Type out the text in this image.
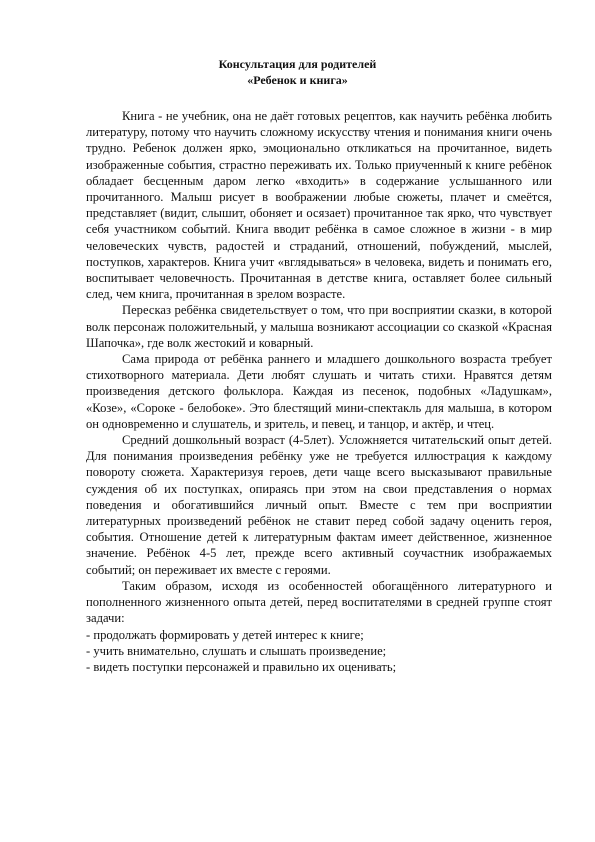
Консультация для родителей
«Ребенок и книга»

Книга - не учебник, она не даёт готовых рецептов, как научить ребёнка любить литературу, потому что научить сложному искусству чтения и понимания книги очень трудно. Ребенок должен ярко, эмоционально откликаться на прочитанное, видеть изображенные события, страстно переживать их. Только приученный к книге ребёнок обладает бесценным даром легко «входить» в содержание услышанного или прочитанного. Малыш рисует в воображении любые сюжеты, плачет и смеётся, представляет (видит, слышит, обоняет и осязает) прочитанное так ярко, что чувствует себя участником событий. Книга вводит ребёнка в самое сложное в жизни - в мир человеческих чувств, радостей и страданий, отношений, побуждений, мыслей, поступков, характеров. Книга учит «вглядываться» в человека, видеть и понимать его, воспитывает человечность. Прочитанная в детстве книга, оставляет более сильный след, чем книга, прочитанная в зрелом возрасте.

Пересказ ребёнка свидетельствует о том, что при восприятии сказки, в которой волк персонаж положительный, у малыша возникают ассоциации со сказкой «Красная Шапочка», где волк жестокий и коварный.

Сама природа от ребёнка раннего и младшего дошкольного возраста требует стихотворного материала. Дети любят слушать и читать стихи. Нравятся детям произведения детского фольклора. Каждая из песенок, подобных «Ладушкам», «Козе», «Сороке - белобоке». Это блестящий мини-спектакль для малыша, в котором он одновременно и слушатель, и зритель, и певец, и танцор, и актёр, и чтец.

Средний дошкольный возраст (4-5лет). Усложняется читательский опыт детей. Для понимания произведения ребёнку уже не требуется иллюстрация к каждому повороту сюжета. Характеризуя героев, дети чаще всего высказывают правильные суждения об их поступках, опираясь при этом на свои представления о нормах поведения и обогатившийся личный опыт. Вместе с тем при восприятии литературных произведений ребёнок не ставит перед собой задачу оценить героя, события. Отношение детей к литературным фактам имеет действенное, жизненное значение. Ребёнок 4-5 лет, прежде всего активный соучастник изображаемых событий; он переживает их вместе с героями.

Таким образом, исходя из особенностей обогащённого литературного и пополненного жизненного опыта детей, перед воспитателями в средней группе стоят задачи:

- продолжать формировать у детей интерес к книге;

- учить внимательно, слушать и слышать произведение;

- видеть поступки персонажей и правильно их оценивать;
